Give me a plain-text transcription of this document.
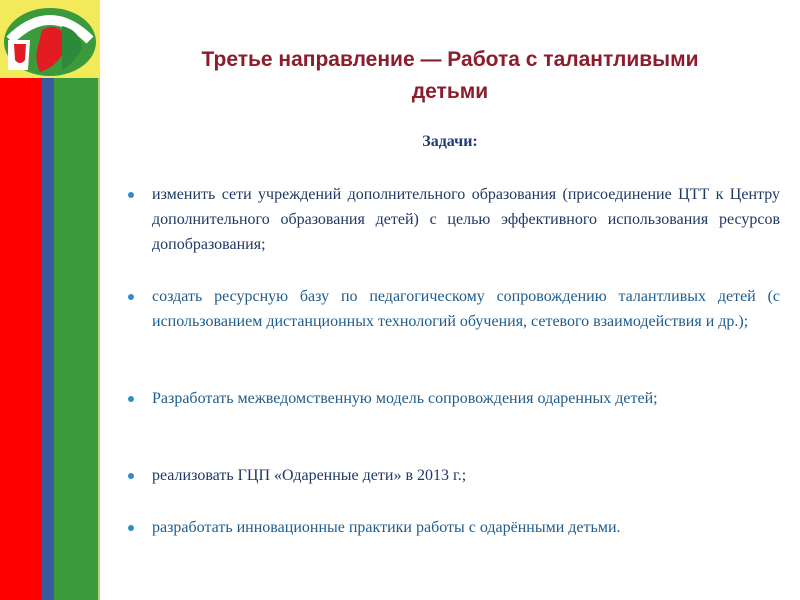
Третье направление — Работа с талантливыми
детьми
Задачи:
изменить сети учреждений дополнительного образования (присоединение ЦТТ к Центру дополнительного образования детей) с целью эффективного использования ресурсов допобразования;
создать ресурсную базу по педагогическому сопровождению талантливых детей (с использованием дистанционных технологий обучения, сетевого взаимодействия и др.);
Разработать межведомственную модель сопровождения одаренных детей;
реализовать ГЦП «Одаренные дети» в 2013 г.;
разработать инновационные практики работы с одарёнными детьми.
